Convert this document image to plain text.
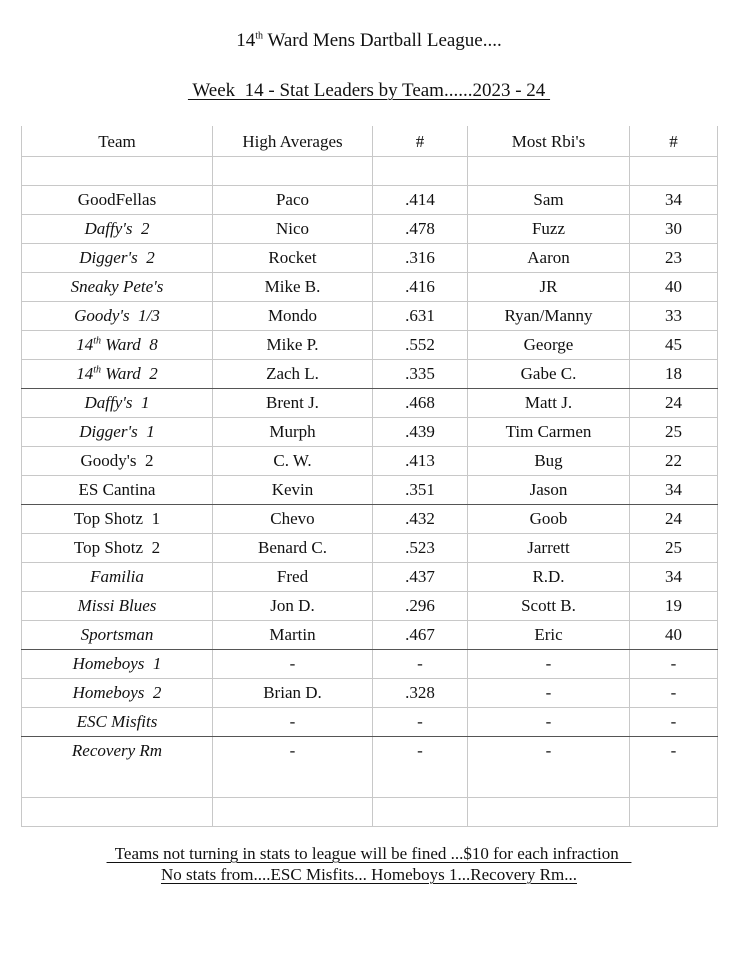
14th Ward Mens Dartball League....
Week  14 - Stat Leaders by Team......2023 - 24
Team	High Averages	#	Most Rbi's	#

GoodFellas	Paco	.414	Sam	34
Daffy's  2	Nico	.478	Fuzz	30
Digger's  2	Rocket	.316	Aaron	23
Sneaky Pete's	Mike B.	.416	JR	40
Goody's  1/3	Mondo	.631	Ryan/Manny	33
14th Ward  8	Mike P.	.552	George	45
14th Ward  2	Zach L.	.335	Gabe C.	18
Daffy's  1	Brent J.	.468	Matt J.	24
Digger's  1	Murph	.439	Tim Carmen	25
Goody's  2	C. W.	.413	Bug	22
ES Cantina	Kevin	.351	Jason	34
Top Shotz  1	Chevo	.432	Goob	24
Top Shotz  2	Benard C.	.523	Jarrett	25
Familia	Fred	.437	R.D.	34
Missi Blues	Jon D.	.296	Scott B.	19
Sportsman	Martin	.467	Eric	40
Homeboys  1	-	-	-	-
Homeboys  2	Brian D.	.328	-	-
ESC Misfits	-	-	-	-
Recovery Rm	-	-	-	-

Teams not turning in stats to league will be fined ...$10 for each infraction
No stats from....ESC Misfits... Homeboys 1...Recovery Rm...
